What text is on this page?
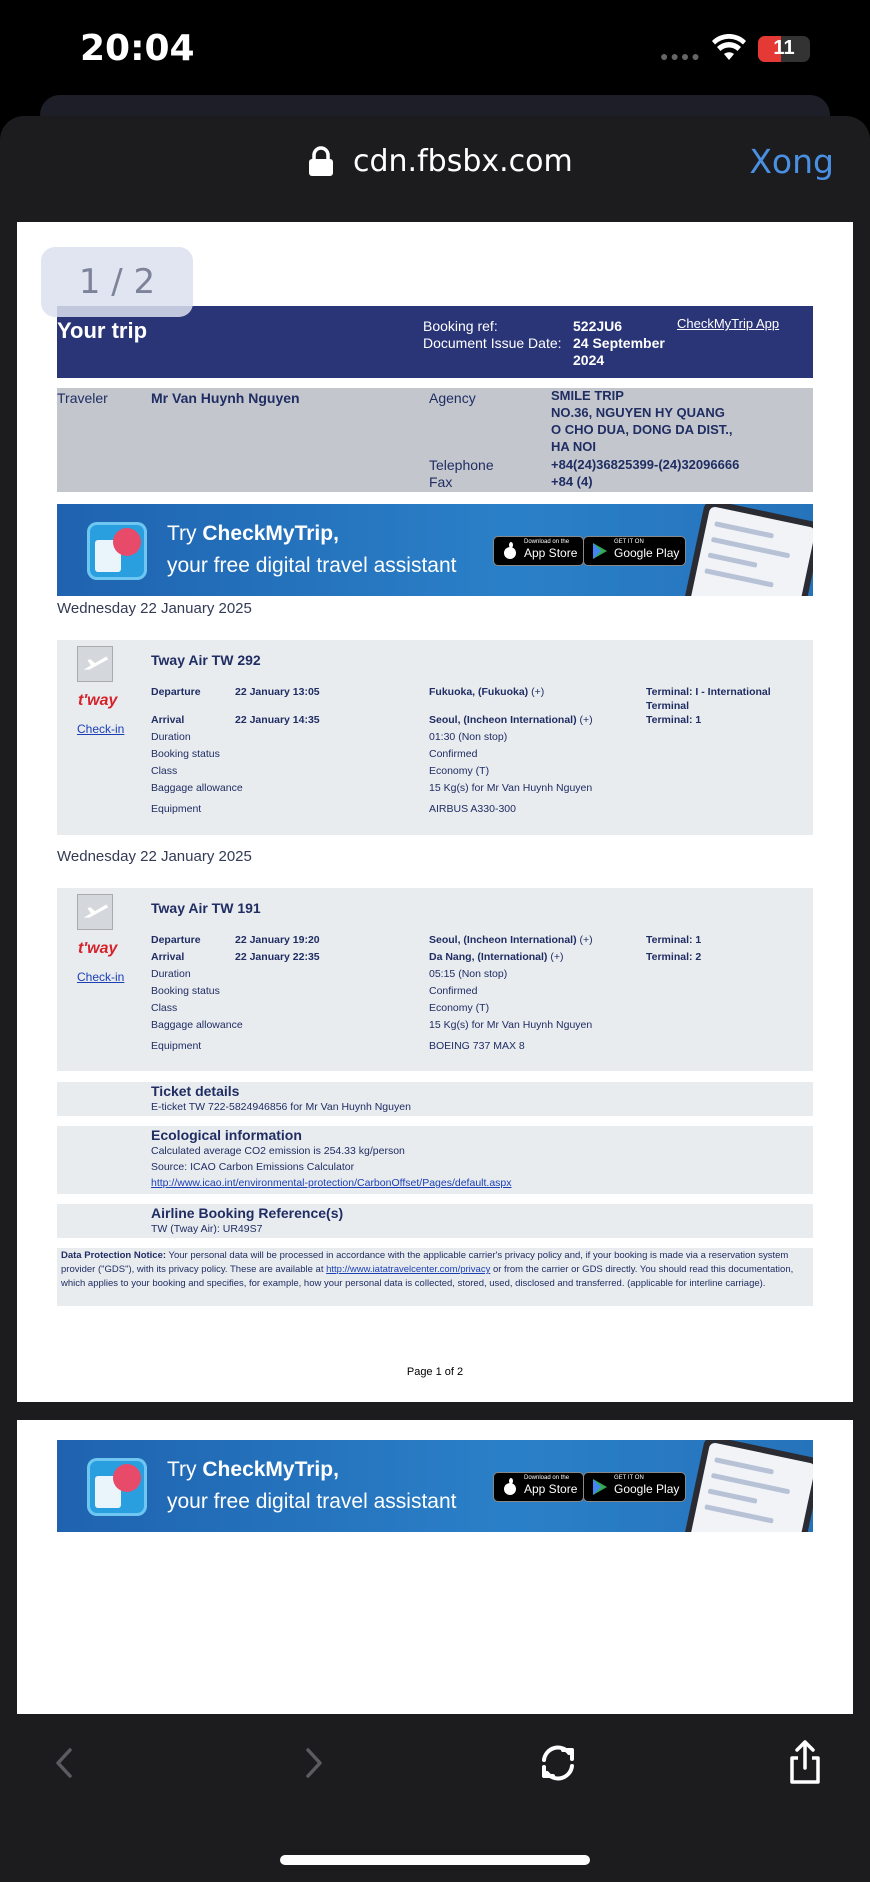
20:04	●●●●	11
cdn.fbsbx.com	Xong
1 / 2
Your trip	Booking ref:	522JU6
Document Issue Date: 24 September
2024
CheckMyTrip App
Traveler	Mr Van Huynh Nguyen	Agency	SMILE TRIP
NO.36, NGUYEN HY QUANG
O CHO DUA, DONG DA DIST.,
HA NOI
Telephone	+84(24)36825399-(24)32096666
Fax	+84 (4)
Try CheckMyTrip,
your free digital travel assistant
Download on the
App Store
GET IT ON
Google Play
Wednesday 22 January 2025
t'way
Check-in
Tway Air TW 292
Departure	22 January 13:05	Fukuoka, (Fukuoka) (+)	Terminal: I - International
Terminal
Arrival	22 January 14:35	Seoul, (Incheon International) (+)	Terminal: 1
Duration	01:30 (Non stop)
Booking status	Confirmed
Class	Economy (T)
Baggage allowance	15 Kg(s) for Mr Van Huynh Nguyen
Equipment	AIRBUS A330-300
Wednesday 22 January 2025
t'way
Check-in
Tway Air TW 191
Departure	22 January 19:20	Seoul, (Incheon International) (+)	Terminal: 1
Arrival	22 January 22:35	Da Nang, (International) (+)	Terminal: 2
Duration	05:15 (Non stop)
Booking status	Confirmed
Class	Economy (T)
Baggage allowance	15 Kg(s) for Mr Van Huynh Nguyen
Equipment	BOEING 737 MAX 8
Ticket details
E-ticket TW 722-5824946856 for Mr Van Huynh Nguyen
Ecological information
Calculated average CO2 emission is 254.33 kg/person
Source: ICAO Carbon Emissions Calculator
http://www.icao.int/environmental-protection/CarbonOffset/Pages/default.aspx
Airline Booking Reference(s)
TW (Tway Air): UR49S7
Data Protection Notice: Your personal data will be processed in accordance with the applicable carrier's privacy policy and, if your booking is made via a reservation system provider ("GDS"), with its privacy policy. These are available at http://www.iatatravelcenter.com/privacy or from the carrier or GDS directly. You should read this documentation, which applies to your booking and specifies, for example, how your personal data is collected, stored, used, disclosed and transferred. (applicable for interline carriage).
Page 1 of 2
Try CheckMyTrip,
your free digital travel assistant
Download on the
App Store
GET IT ON
Google Play
